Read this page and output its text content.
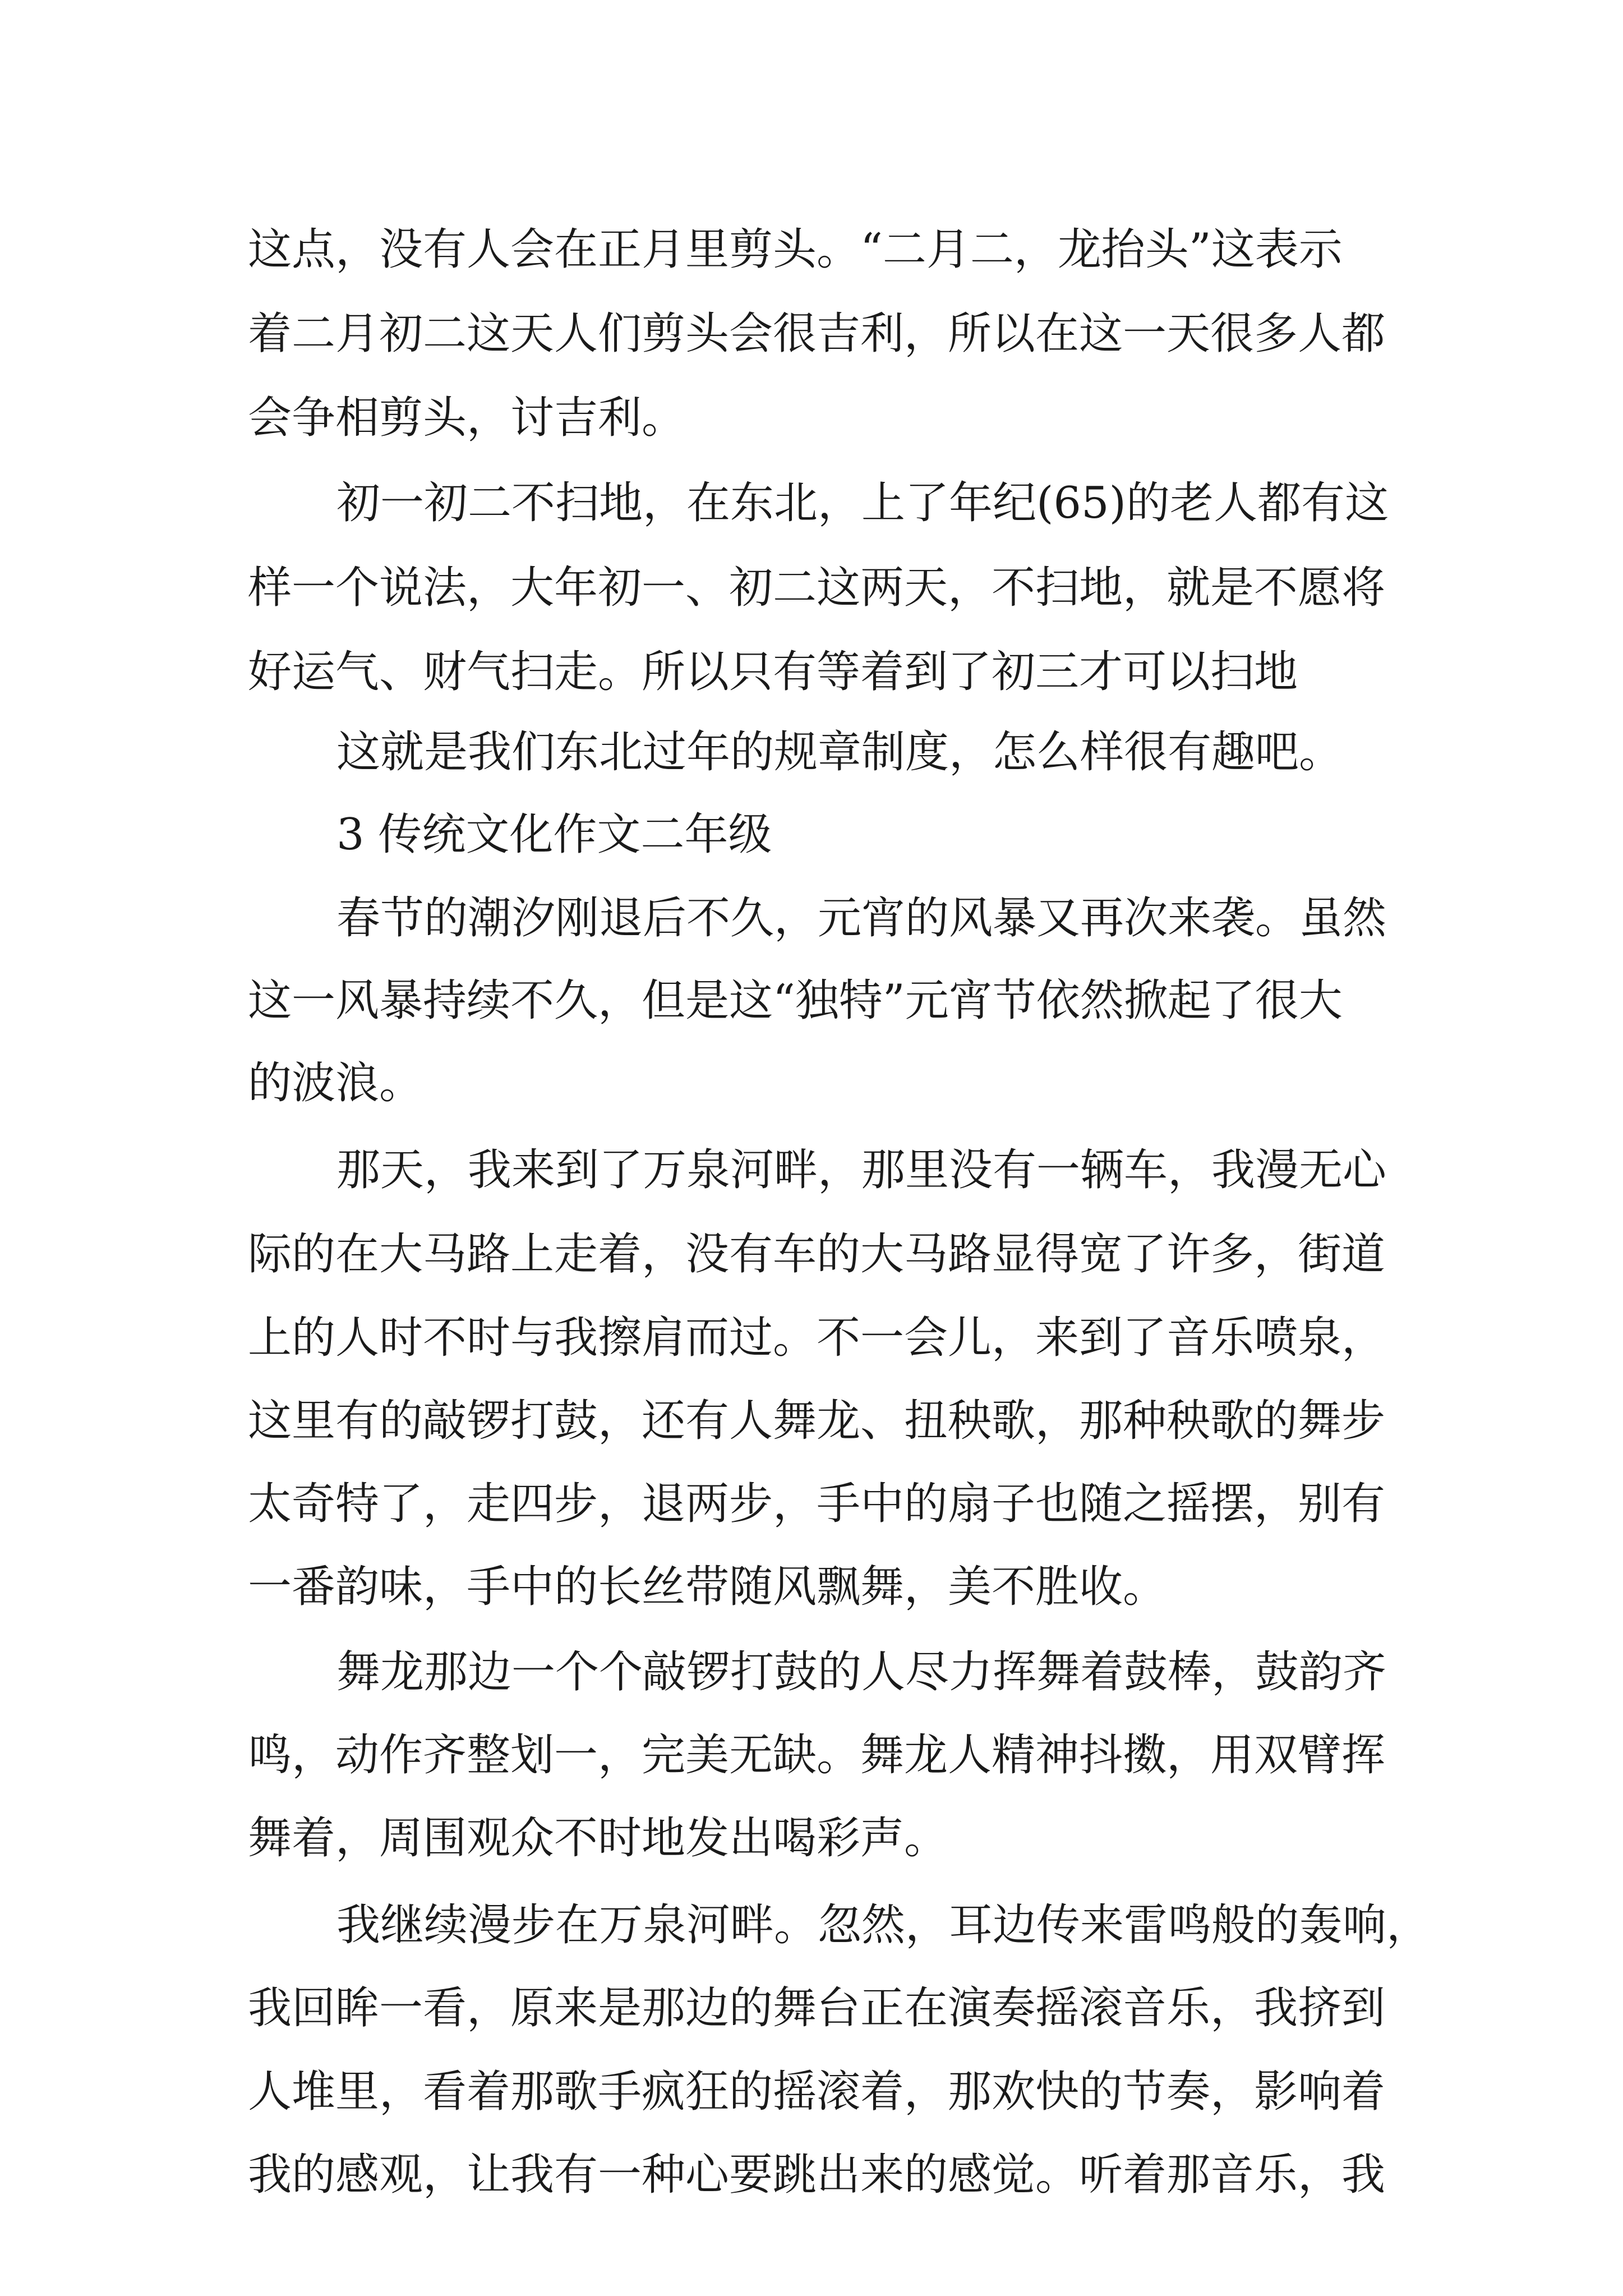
这点，没有人会在正月里剪头。“二月二，龙抬头”这表示
着二月初二这天人们剪头会很吉利，所以在这一天很多人都
会争相剪头，讨吉利。
初一初二不扫地，在东北，上了年纪(65)的老人都有这
样一个说法，大年初一、初二这两天，不扫地，就是不愿将
好运气、财气扫走。所以只有等着到了初三才可以扫地
这就是我们东北过年的规章制度，怎么样很有趣吧。
3 传统文化作文二年级
春节的潮汐刚退后不久，元宵的风暴又再次来袭。虽然
这一风暴持续不久，但是这“独特”元宵节依然掀起了很大
的波浪。
那天，我来到了万泉河畔，那里没有一辆车，我漫无心
际的在大马路上走着，没有车的大马路显得宽了许多，街道
上的人时不时与我擦肩而过。不一会儿，来到了音乐喷泉，
这里有的敲锣打鼓，还有人舞龙、扭秧歌，那种秧歌的舞步
太奇特了，走四步，退两步，手中的扇子也随之摇摆，别有
一番韵味，手中的长丝带随风飘舞，美不胜收。
舞龙那边一个个敲锣打鼓的人尽力挥舞着鼓棒，鼓韵齐
鸣，动作齐整划一，完美无缺。舞龙人精神抖擞，用双臂挥
舞着，周围观众不时地发出喝彩声。
我继续漫步在万泉河畔。忽然，耳边传来雷鸣般的轰响，
我回眸一看，原来是那边的舞台正在演奏摇滚音乐，我挤到
人堆里，看着那歌手疯狂的摇滚着，那欢快的节奏，影响着
我的感观，让我有一种心要跳出来的感觉。听着那音乐，我
